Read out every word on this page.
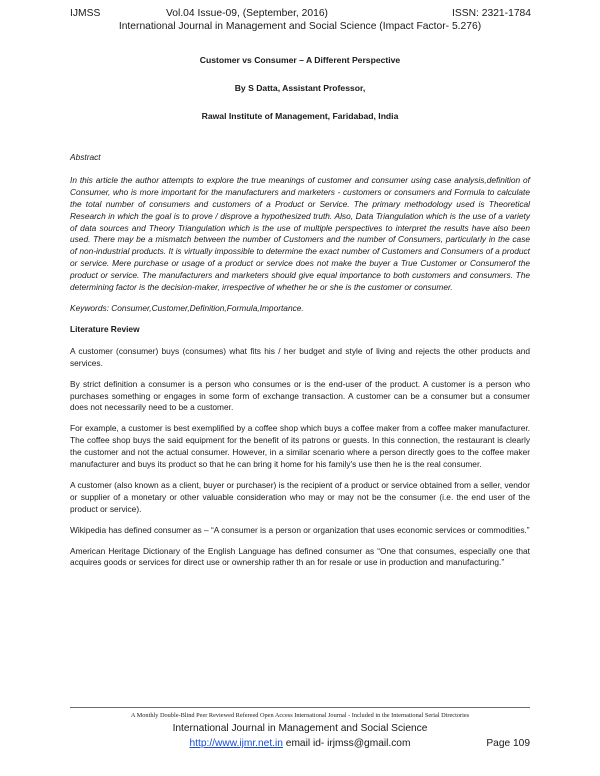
IJMSS	Vol.04 Issue-09, (September, 2016)	ISSN: 2321-1784
International Journal in Management and Social Science (Impact Factor- 5.276)
Customer vs Consumer – A Different Perspective
By S Datta, Assistant Professor,
Rawal Institute of Management, Faridabad, India

Abstract

In this article the author attempts to explore the true meanings of customer and consumer using case analysis,definition of Consumer, who is more important for the manufacturers and marketers - customers or consumers and Formula to calculate the total number of consumers and customers of a Product or Service. The primary methodology used is Theoretical Research in which the goal is to prove / disprove a hypothesized truth. Also, Data Triangulation which is the use of a variety of data sources and Theory Triangulation which is the use of multiple perspectives to interpret the results have also been used. There may be a mismatch between the number of Customers and the number of Consumers, particularly in the case of non-industrial products. It is virtually impossible to determine the exact number of Customers and Consumers of a product or service. Mere purchase or usage of a product or service does not make the buyer a True Customer or Consumerof the product or service. The manufacturers and marketers should give equal importance to both customers and consumers. The determining factor is the decision-maker, irrespective of whether he or she is the customer or consumer.

Keywords: Consumer,Customer,Definition,Formula,Importance.

Literature Review

A customer (consumer) buys (consumes) what fits his / her budget and style of living and rejects the other products and services.

By strict definition a consumer is a person who consumes or is the end-user of the product. A customer is a person who purchases something or engages in some form of exchange transaction. A customer can be a consumer but a consumer does not necessarily need to be a customer.

For example, a customer is best exemplified by a coffee shop which buys a coffee maker from a coffee maker manufacturer. The coffee shop buys the said equipment for the benefit of its patrons or guests. In this connection, the restaurant is clearly the customer and not the actual consumer. However, in a similar scenario where a person directly goes to the coffee maker manufacturer and buys its product so that he can bring it home for his family's use then he is the real consumer.

A customer (also known as a client, buyer or purchaser) is the recipient of a product or service obtained from a seller, vendor or supplier of a monetary or other valuable consideration who may or may not be the consumer (i.e. the end user of the product or service).

Wikipedia has defined consumer as – “A consumer is a person or organization that uses economic services or commodities.”

American Heritage Dictionary of the English Language has defined consumer as “One that consumes, especially one that acquires goods or services for direct use or ownership rather th an for resale or use in production and manufacturing.”

A Monthly Double-Blind Peer Reviewed Refereed Open Access International Journal - Included in the International Serial Directories
International Journal in Management and Social Science
http://www.ijmr.net.in email id- irjmss@gmail.com	Page 109
